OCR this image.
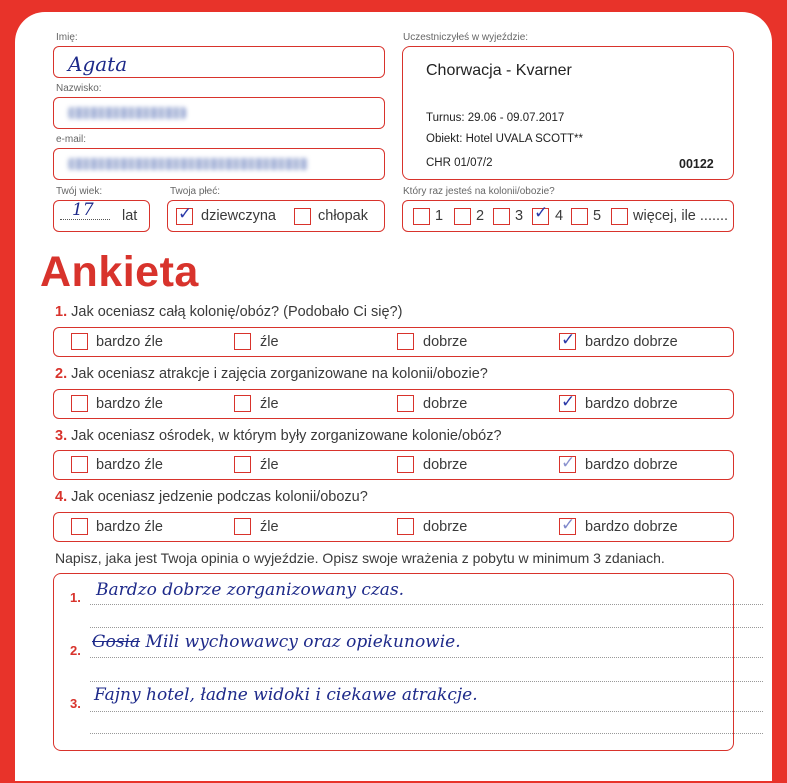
Imię:
Agata
Nazwisko:
e-mail:
Twój wiek:
17 lat
Twoja płeć:
✓ dziewczyna	chłopak
Uczestniczyłeś w wyjeździe:
Chorwacja - Kvarner
Turnus: 29.06 - 09.07.2017
Obiekt: Hotel UVALA SCOTT**
CHR 01/07/2	00122
Który raz jesteś na kolonii/obozie?
1 2 3 ✓ 4 5 więcej, ile .......
Ankieta
1. Jak oceniasz całą kolonię/obóz? (Podobało Ci się?)
bardzo źle	źle	dobrze	✓ bardzo dobrze
2. Jak oceniasz atrakcje i zajęcia zorganizowane na kolonii/obozie?
bardzo źle	źle	dobrze	✓ bardzo dobrze
3. Jak oceniasz ośrodek, w którym były zorganizowane kolonie/obóz?
bardzo źle	źle	dobrze	✓ bardzo dobrze
4. Jak oceniasz jedzenie podczas kolonii/obozu?
bardzo źle	źle	dobrze	✓ bardzo dobrze
Napisz, jaka jest Twoja opinia o wyjeździe. Opisz swoje wrażenia z pobytu w minimum 3 zdaniach.
1. Bardzo dobrze zorganizowany czas.
2. Gosia Mili wychowawcy oraz opiekunowie.
3. Fajny hotel, ładne widoki i ciekawe atrakcje.
